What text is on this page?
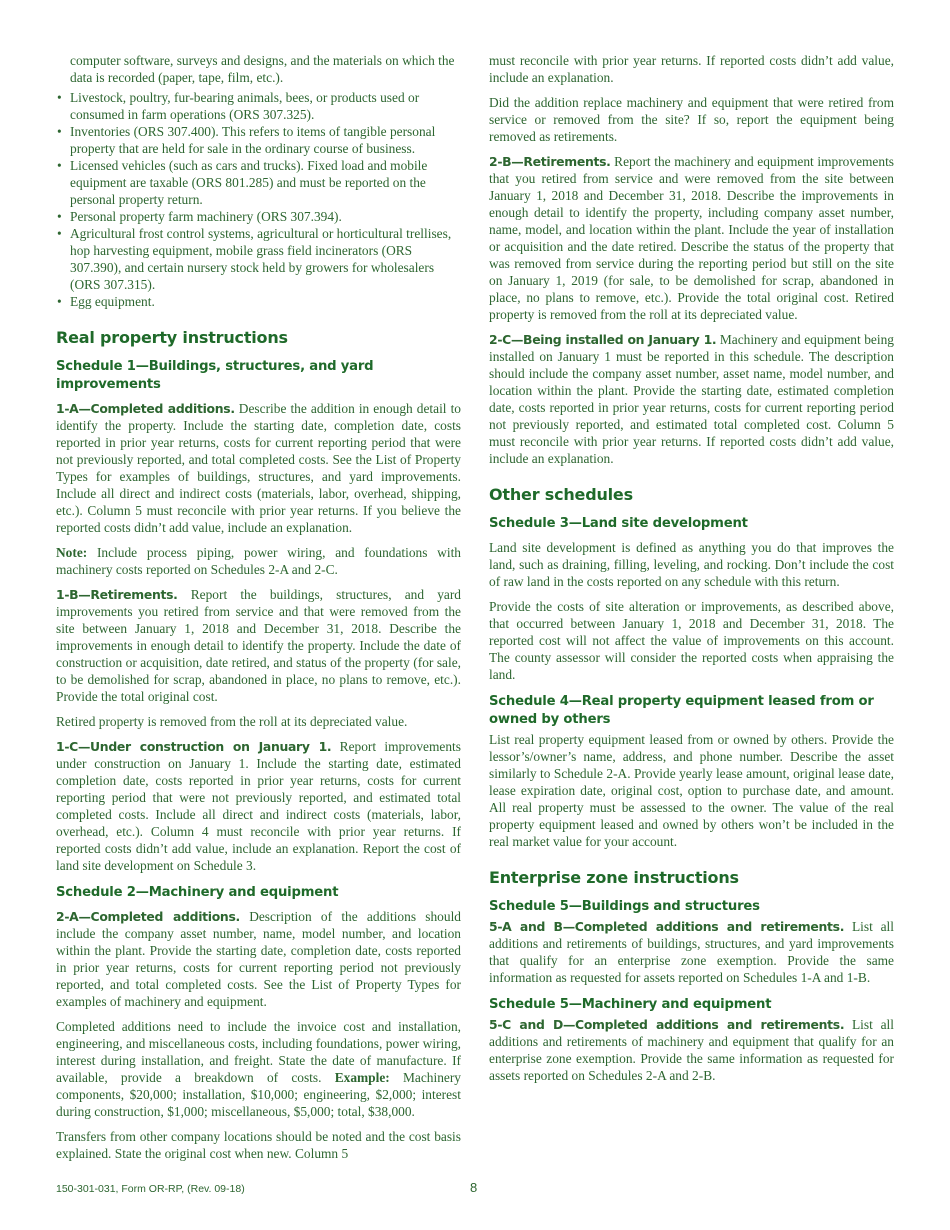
computer software, surveys and designs, and the materials on which the data is recorded (paper, tape, film, etc.).

• Livestock, poultry, fur-bearing animals, bees, or products used or consumed in farm operations (ORS 307.325).
• Inventories (ORS 307.400). This refers to items of tangible personal property that are held for sale in the ordinary course of business.
• Licensed vehicles (such as cars and trucks). Fixed load and mobile equipment are taxable (ORS 801.285) and must be reported on the personal property return.
• Personal property farm machinery (ORS 307.394).
• Agricultural frost control systems, agricultural or horticultural trellises, hop harvesting equipment, mobile grass field incinerators (ORS 307.390), and certain nursery stock held by growers for wholesalers (ORS 307.315).
• Egg equipment.
Real property instructions
Schedule 1—Buildings, structures, and yard improvements

1-A—Completed additions. Describe the addition in enough detail to identify the property. Include the starting date, completion date, costs reported in prior year returns, costs for current reporting period that were not previously reported, and total completed costs. See the List of Property Types for examples of buildings, structures, and yard improvements. Include all direct and indirect costs (materials, labor, overhead, shipping, etc.). Column 5 must reconcile with prior year returns. If you believe the reported costs didn’t add value, include an explanation.

Note: Include process piping, power wiring, and foundations with machinery costs reported on Schedules 2-A and 2-C.

1-B—Retirements. Report the buildings, structures, and yard improvements you retired from service and that were removed from the site between January 1, 2018 and December 31, 2018. Describe the improvements in enough detail to identify the property. Include the date of construction or acquisition, date retired, and status of the property (for sale, to be demolished for scrap, abandoned in place, no plans to remove, etc.). Provide the total original cost.

Retired property is removed from the roll at its depreciated value.

1-C—Under construction on January 1. Report improvements under construction on January 1. Include the starting date, estimated completion date, costs reported in prior year returns, costs for current reporting period that were not previously reported, and estimated total completed costs. Include all direct and indirect costs (materials, labor, overhead, etc.). Column 4 must reconcile with prior year returns. If reported costs didn’t add value, include an explanation. Report the cost of land site development on Schedule 3.

Schedule 2—Machinery and equipment

2-A—Completed additions. Description of the additions should include the company asset number, name, model number, and location within the plant. Provide the starting date, completion date, costs reported in prior year returns, costs for current reporting period not previously reported, and total completed costs. See the List of Property Types for examples of machinery and equipment.

Completed additions need to include the invoice cost and installation, engineering, and miscellaneous costs, including foundations, power wiring, interest during installation, and freight. State the date of manufacture. If available, provide a breakdown of costs. Example: Machinery components, $20,000; installation, $10,000; engineering, $2,000; interest during construction, $1,000; miscellaneous, $5,000; total, $38,000.

Transfers from other company locations should be noted and the cost basis explained. State the original cost when new. Column 5

must reconcile with prior year returns. If reported costs didn’t add value, include an explanation.

Did the addition replace machinery and equipment that were retired from service or removed from the site? If so, report the equipment being removed as retirements.

2-B—Retirements. Report the machinery and equipment improvements that you retired from service and were removed from the site between January 1, 2018 and December 31, 2018. Describe the improvements in enough detail to identify the property, including company asset number, name, model, and location within the plant. Include the year of installation or acquisition and the date retired. Describe the status of the property that was removed from service during the reporting period but still on the site on January 1, 2019 (for sale, to be demolished for scrap, abandoned in place, no plans to remove, etc.). Provide the total original cost. Retired property is removed from the roll at its depreciated value.

2-C—Being installed on January 1. Machinery and equipment being installed on January 1 must be reported in this schedule. The description should include the company asset number, asset name, model number, and location within the plant. Provide the starting date, estimated completion date, costs reported in prior year returns, costs for current reporting period not previously reported, and estimated total completed cost. Column 5 must reconcile with prior year returns. If reported costs didn’t add value, include an explanation.

Other schedules
Schedule 3—Land site development

Land site development is defined as anything you do that improves the land, such as draining, filling, leveling, and rocking. Don’t include the cost of raw land in the costs reported on any schedule with this return.

Provide the costs of site alteration or improvements, as described above, that occurred between January 1, 2018 and December 31, 2018. The reported cost will not affect the value of improvements on this account. The county assessor will consider the reported costs when appraising the land.

Schedule 4—Real property equipment leased from or owned by others

List real property equipment leased from or owned by others. Provide the lessor’s/owner’s name, address, and phone number. Describe the asset similarly to Schedule 2-A. Provide yearly lease amount, original lease date, lease expiration date, original cost, option to purchase date, and amount. All real property must be assessed to the owner. The value of the real property equipment leased and owned by others won’t be included in the real market value for your account.

Enterprise zone instructions
Schedule 5—Buildings and structures

5-A and B—Completed additions and retirements. List all additions and retirements of buildings, structures, and yard improvements that qualify for an enterprise zone exemption. Provide the same information as requested for assets reported on Schedules 1-A and 1-B.

Schedule 5—Machinery and equipment

5-C and D—Completed additions and retirements. List all additions and retirements of machinery and equipment that qualify for an enterprise zone exemption. Provide the same information as requested for assets reported on Schedules 2-A and 2-B.

150-301-031, Form OR-RP, (Rev. 09-18)	8
